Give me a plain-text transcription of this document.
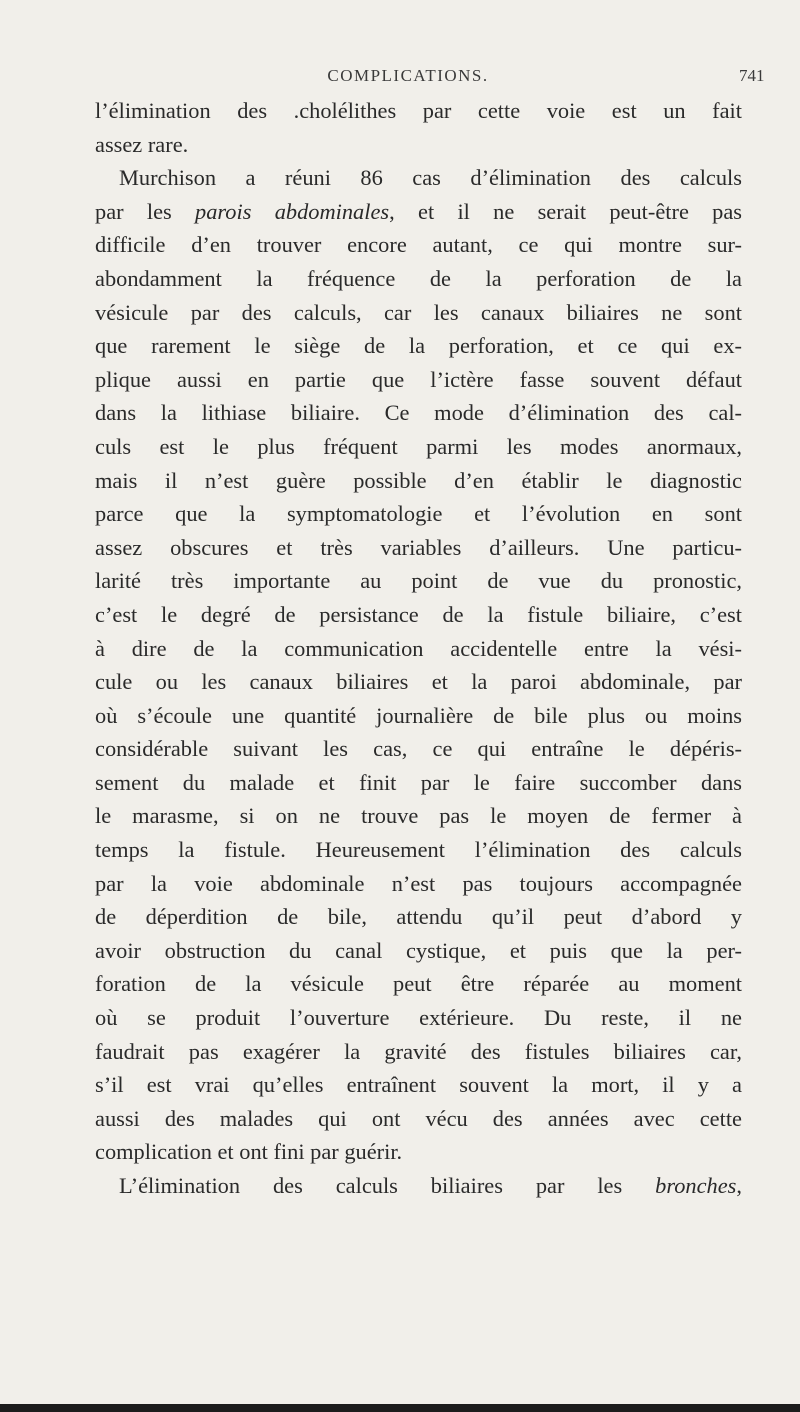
COMPLICATIONS.	741
l’élimination des .cholélithes par cette voie est un fait
assez rare.
Murchison a réuni 86 cas d’élimination des calculs
par les parois abdominales, et il ne serait peut-être pas
difficile d’en trouver encore autant, ce qui montre sur-
abondamment la fréquence de la perforation de la
vésicule par des calculs, car les canaux biliaires ne sont
que rarement le siège de la perforation, et ce qui ex-
plique aussi en partie que l’ictère fasse souvent défaut
dans la lithiase biliaire. Ce mode d’élimination des cal-
culs est le plus fréquent parmi les modes anormaux,
mais il n’est guère possible d’en établir le diagnostic
parce que la symptomatologie et l’évolution en sont
assez obscures et très variables d’ailleurs. Une particu-
larité très importante au point de vue du pronostic,
c’est le degré de persistance de la fistule biliaire, c’est
à dire de la communication accidentelle entre la vési-
cule ou les canaux biliaires et la paroi abdominale, par
où s’écoule une quantité journalière de bile plus ou moins
considérable suivant les cas, ce qui entraîne le dépéris-
sement du malade et finit par le faire succomber dans
le marasme, si on ne trouve pas le moyen de fermer à
temps la fistule. Heureusement l’élimination des calculs
par la voie abdominale n’est pas toujours accompagnée
de déperdition de bile, attendu qu’il peut d’abord y
avoir obstruction du canal cystique, et puis que la per-
foration de la vésicule peut être réparée au moment
où se produit l’ouverture extérieure. Du reste, il ne
faudrait pas exagérer la gravité des fistules biliaires car,
s’il est vrai qu’elles entraînent souvent la mort, il y a
aussi des malades qui ont vécu des années avec cette
complication et ont fini par guérir.
L’élimination des calculs biliaires par les bronches,
